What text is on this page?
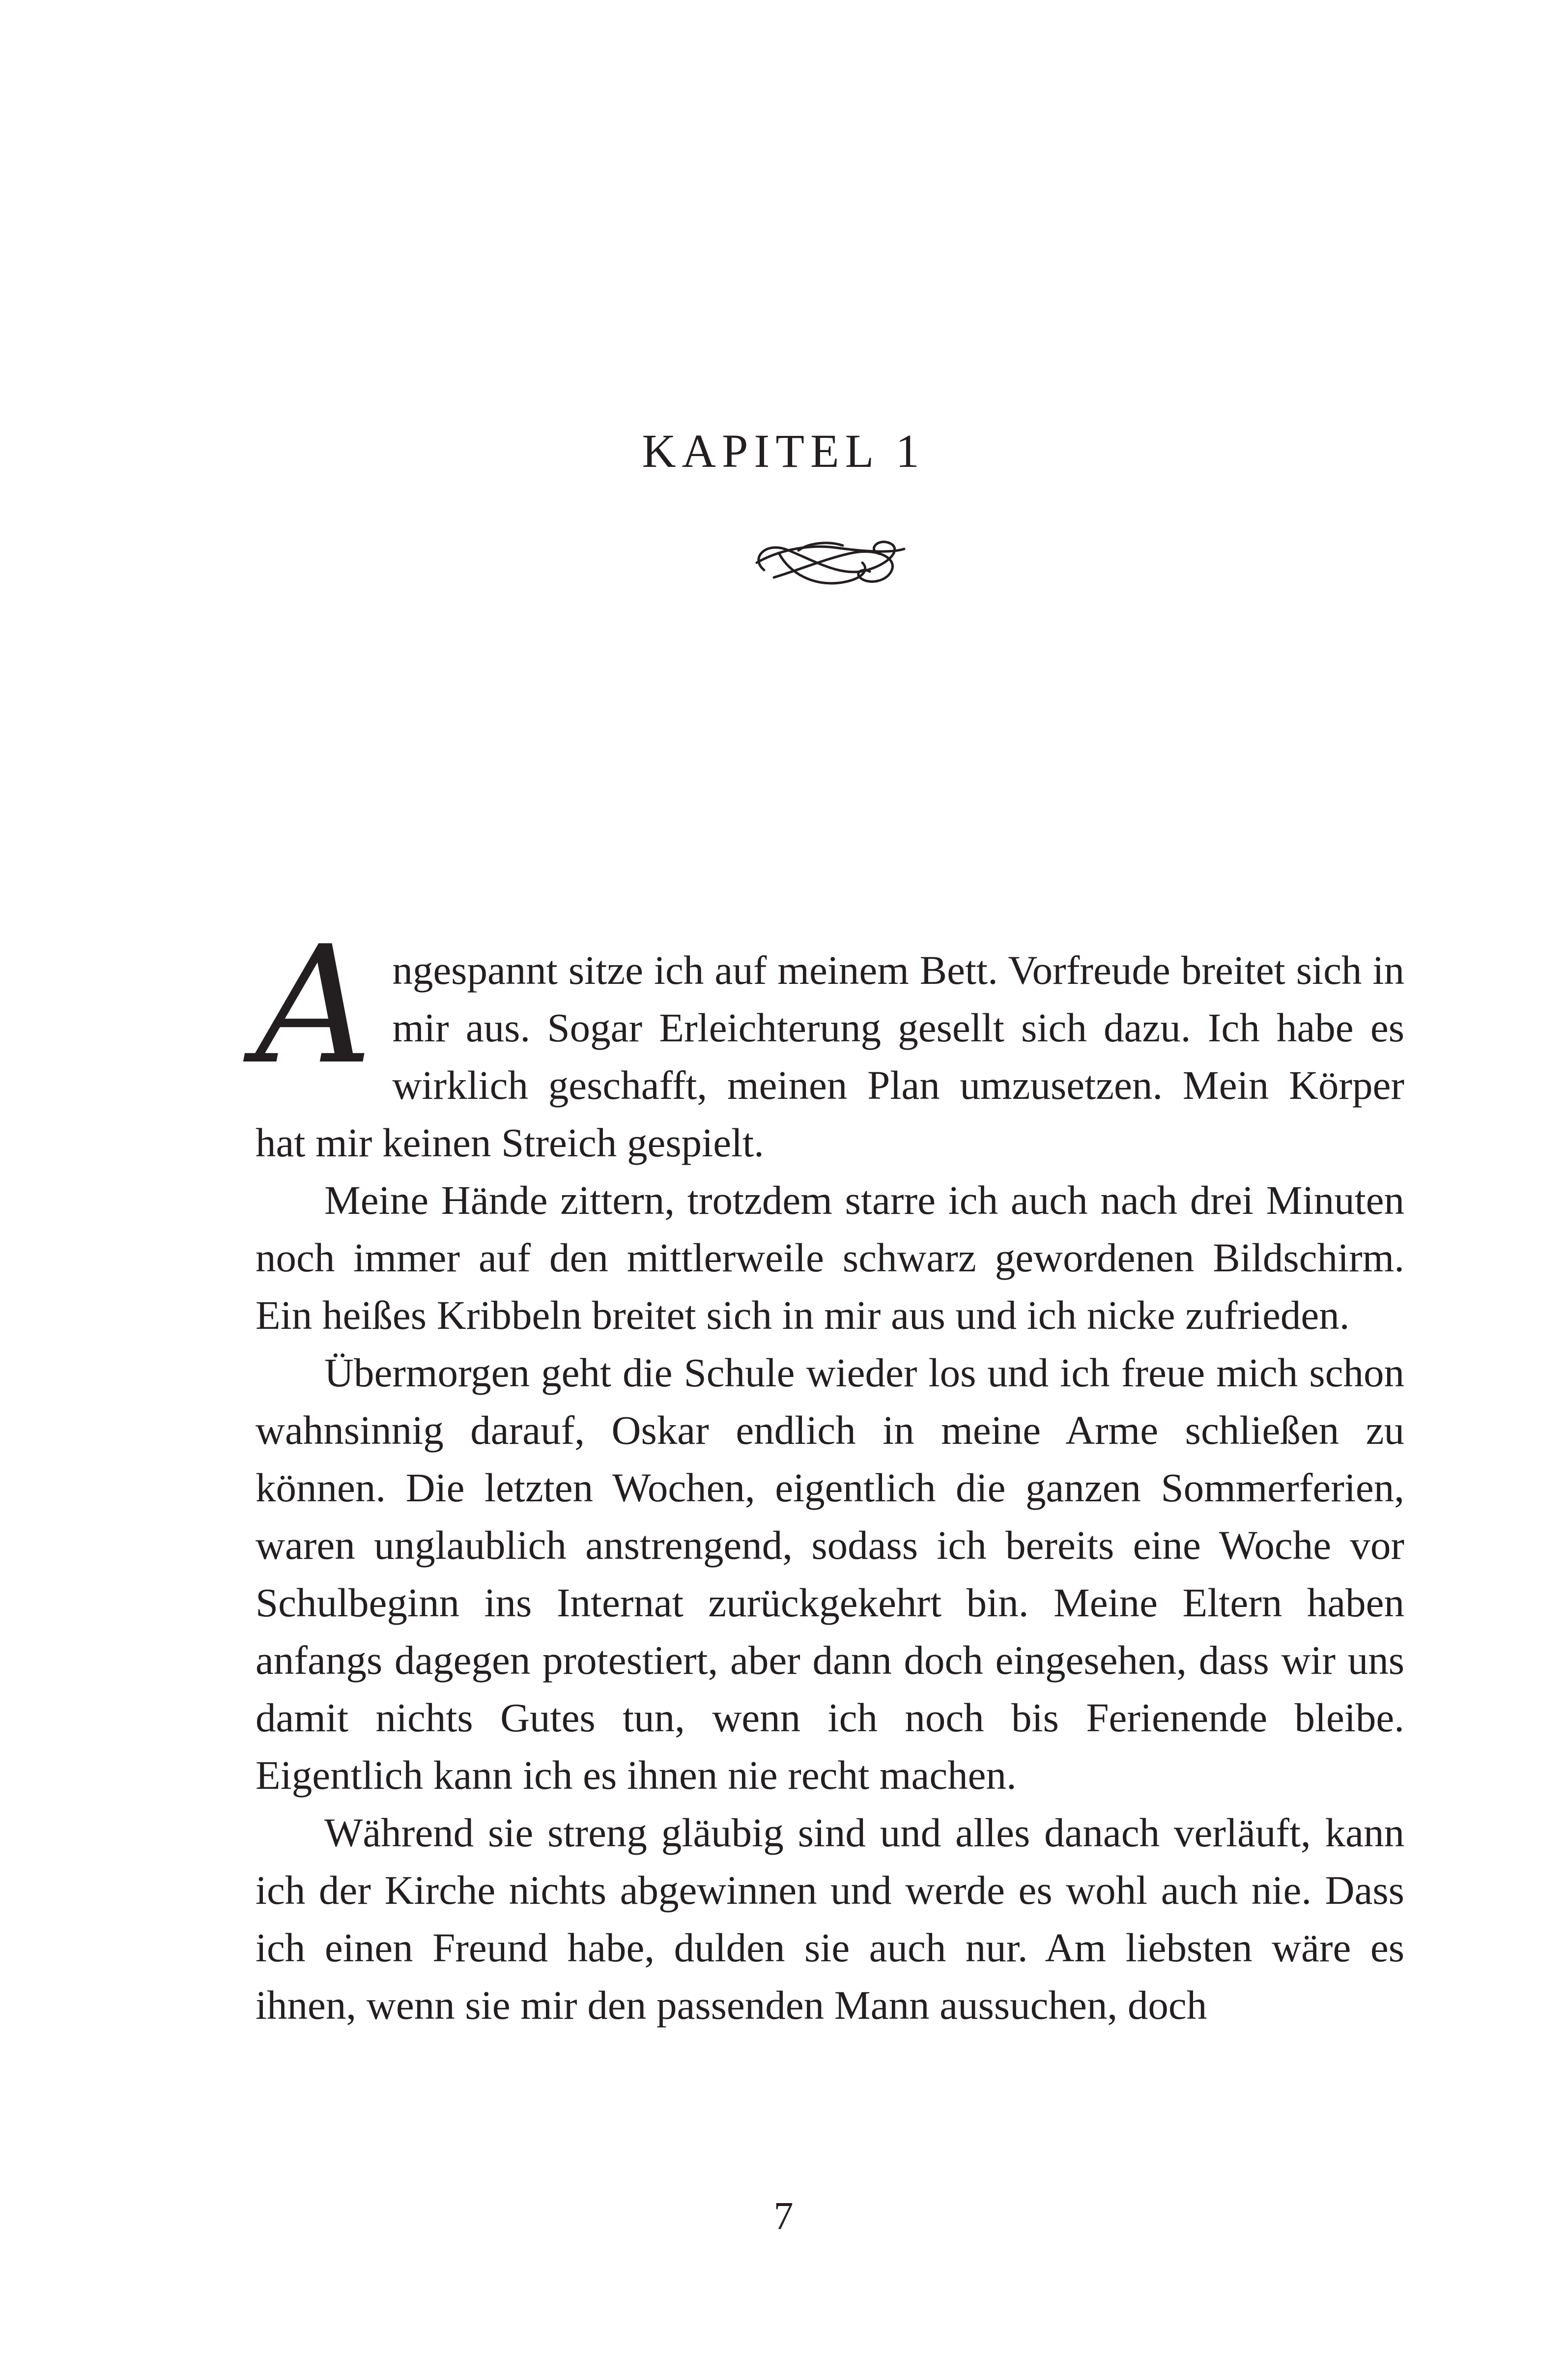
KAPITEL 1

Angespannt sitze ich auf meinem Bett. Vorfreude breitet sich in mir aus. Sogar Erleichterung gesellt sich dazu. Ich habe es wirklich geschafft, meinen Plan umzusetzen. Mein Körper hat mir keinen Streich gespielt.

Meine Hände zittern, trotzdem starre ich auch nach drei Minuten noch immer auf den mittlerweile schwarz gewordenen Bildschirm. Ein heißes Kribbeln breitet sich in mir aus und ich nicke zufrieden.

Übermorgen geht die Schule wieder los und ich freue mich schon wahnsinnig darauf, Oskar endlich in meine Arme schließen zu können. Die letzten Wochen, eigentlich die ganzen Sommerferien, waren unglaublich anstrengend, sodass ich bereits eine Woche vor Schulbeginn ins Internat zurückgekehrt bin. Meine Eltern haben anfangs dagegen protestiert, aber dann doch eingesehen, dass wir uns damit nichts Gutes tun, wenn ich noch bis Ferienende bleibe. Eigentlich kann ich es ihnen nie recht machen.

Während sie streng gläubig sind und alles danach verläuft, kann ich der Kirche nichts abgewinnen und werde es wohl auch nie. Dass ich einen Freund habe, dulden sie auch nur. Am liebsten wäre es ihnen, wenn sie mir den passenden Mann aussuchen, doch

7
